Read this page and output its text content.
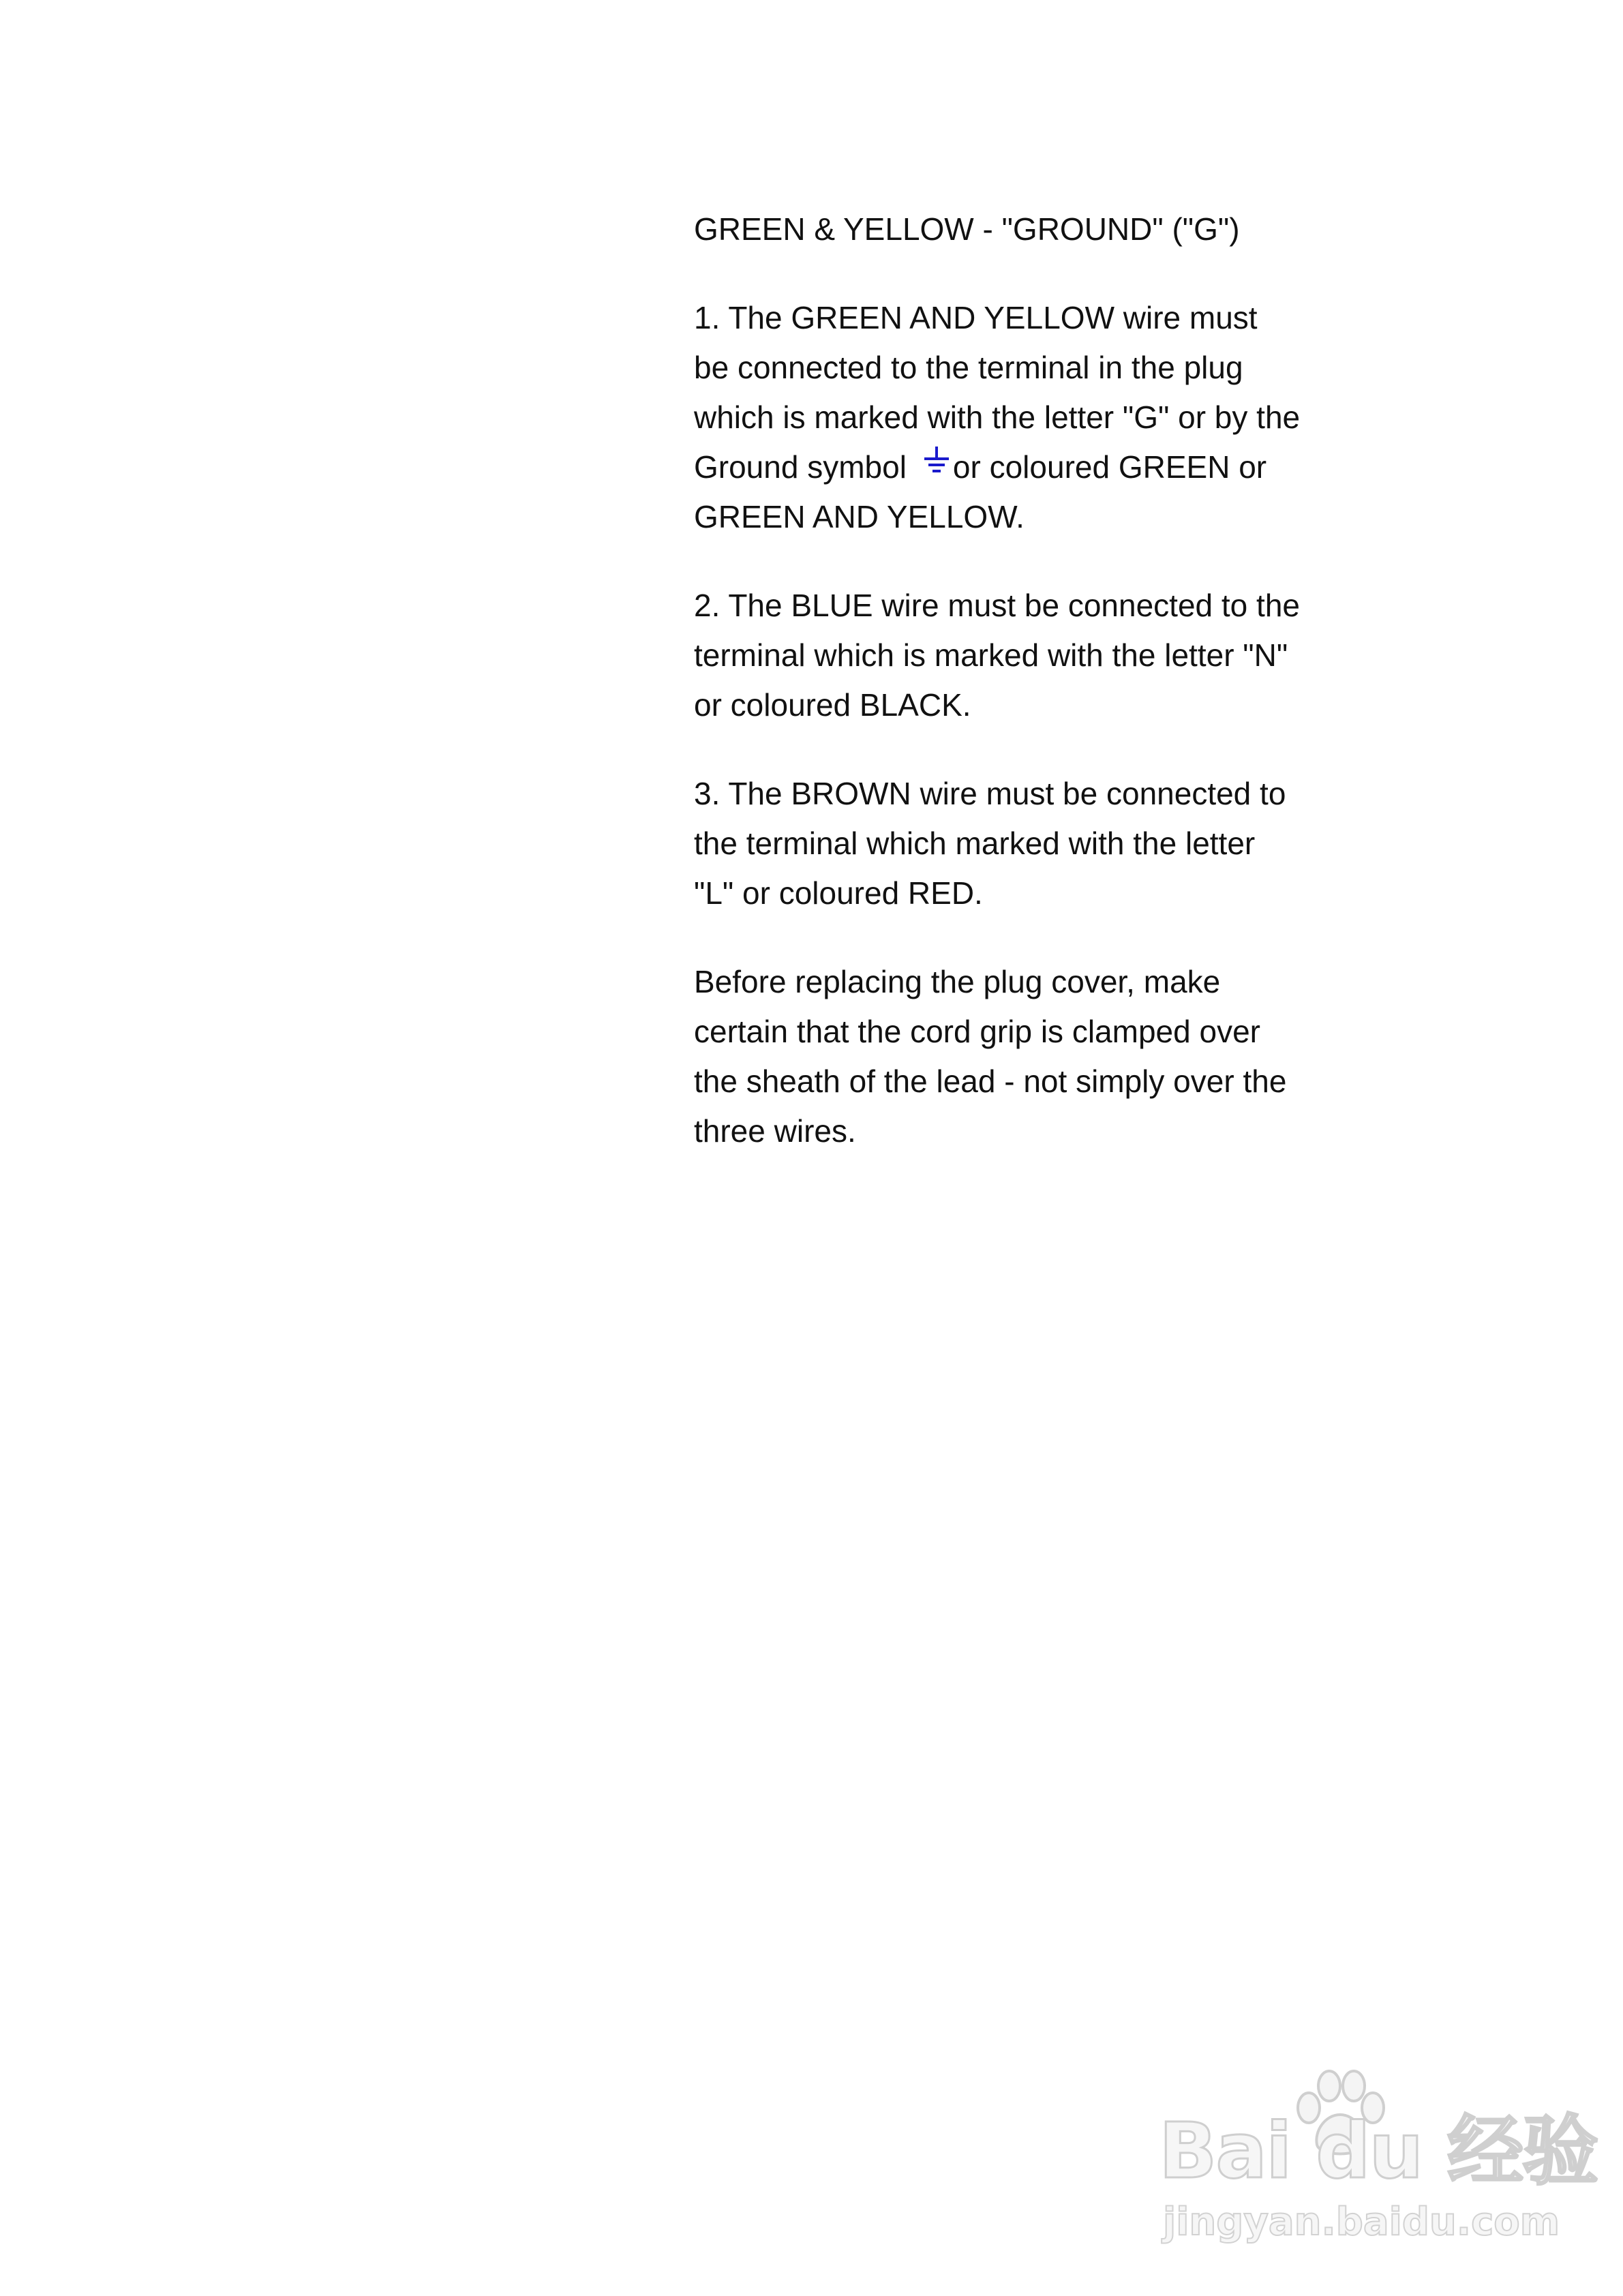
GREEN & YELLOW - "GROUND" ("G")

1. The GREEN AND YELLOW wire must
be connected to the terminal in the plug
which is marked with the letter "G" or by the
Ground symbol or coloured GREEN or
GREEN AND YELLOW.

2. The BLUE wire must be connected to the
terminal which is marked with the letter "N"
or coloured BLACK.

3. The BROWN wire must be connected to
the terminal which marked with the letter
"L" or coloured RED.

Before replacing the plug cover, make
certain that the cord grip is clamped over
the sheath of the lead - not simply over the
three wires.

Bai du 经验
jingyan.baidu.com
